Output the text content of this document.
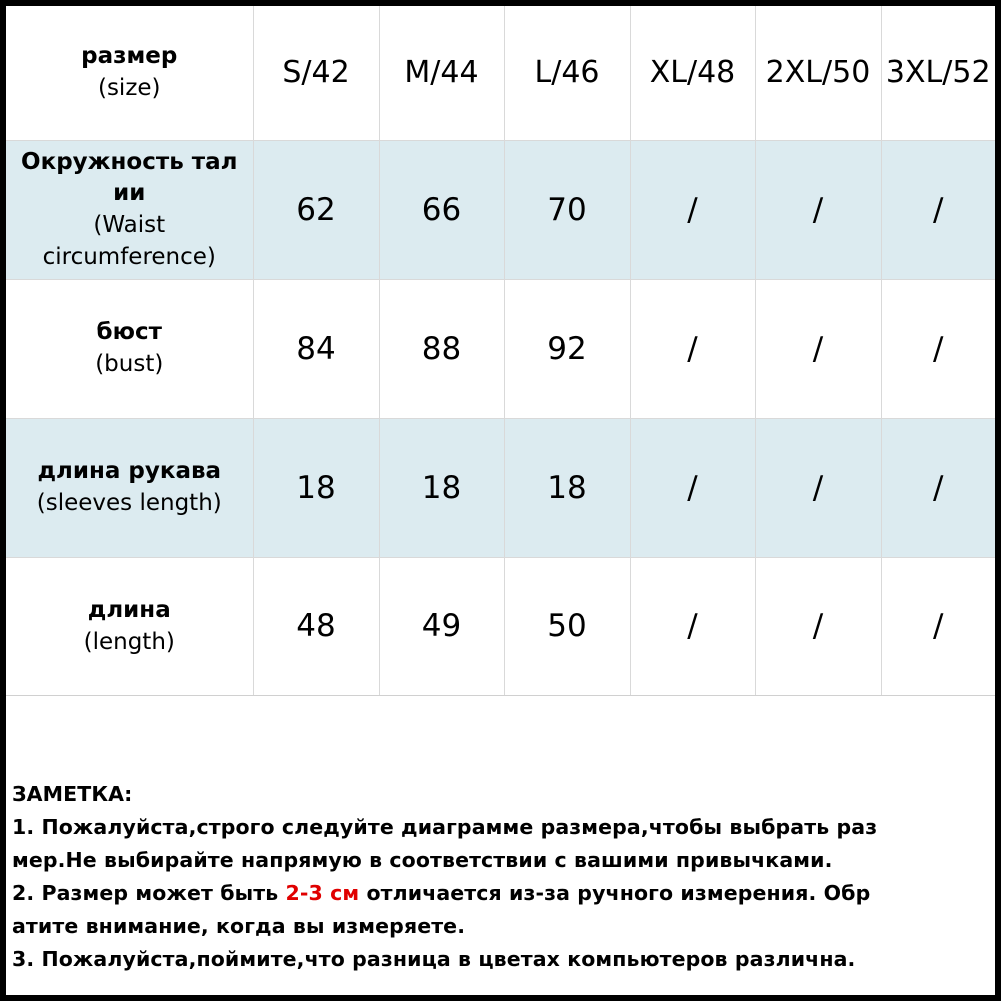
размер
(size)	S/42	M/44	L/46	XL/48	2XL/50	3XL/52

Окружность тал
ии
(Waist
circumference)	62	66	70	/	/	/

бюст
(bust)	84	88	92	/	/	/

длина рукава
(sleeves length)	18	18	18	/	/	/

длина
(length)	48	49	50	/	/	/

ЗАМЕТКА:

1. Пожалуйста,строго следуйте диаграмме размера,чтобы выбрать раз

мер.Не выбирайте напрямую в соответствии с вашими привычками.

2. Размер может быть 2-3 см отличается из-за ручного измерения. Обр

атите внимание, когда вы измеряете.

3. Пожалуйста,поймите,что разница в цветах компьютеров различна.
